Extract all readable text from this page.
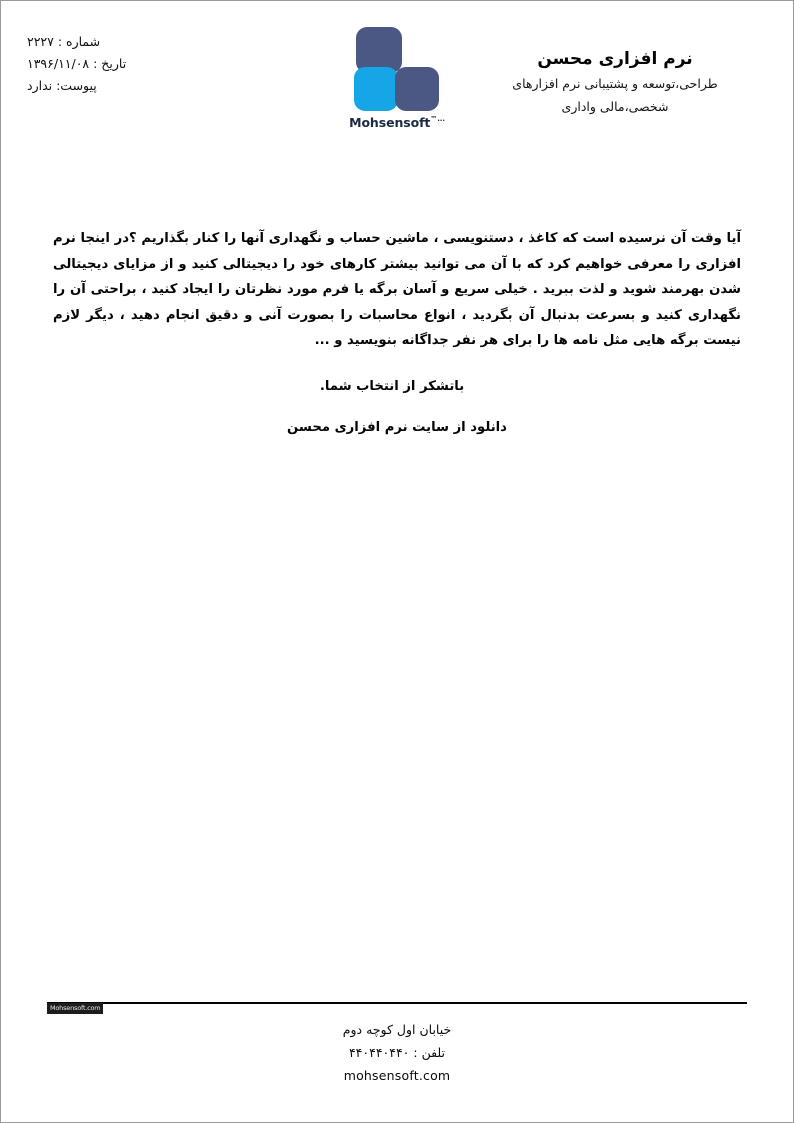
شماره : ۲۲۲۷
تاریخ : ۱۳۹۶/۱۱/۰۸
پیوست: ندارد
Mohsensoft™...
نرم افزاری محسن
طراحی،توسعه و پشتیبانی نرم افزارهای
شخصی،مالی واداری

آیا وقت آن نرسیده است که کاغذ ، دستنویسی ، ماشین حساب و نگهداری آنها را کنار بگذاریم ؟در اینجا نرم افزاری را معرفی خواهیم کرد که با آن می توانید بیشتر کارهای خود را دیجیتالی کنید و از مزایای دیجیتالی شدن بهرمند شوید و لذت ببرید . خیلی سریع و آسان برگه یا فرم مورد نظرتان را ایجاد کنید ، براحتی آن را نگهداری کنید و بسرعت بدنبال آن بگردید ، انواع محاسبات را بصورت آنی و دقیق انجام دهید ، دیگر لازم نیست برگه هایی مثل نامه ها را برای هر نفر جداگانه بنویسید و ...

باتشکر از انتخاب شما.
دانلود از سایت نرم افزاری محسن
Mohsensoft.com
خیابان اول کوچه دوم
تلفن : ۴۴۰۴۴۰۴۴۰
mohsensoft.com
